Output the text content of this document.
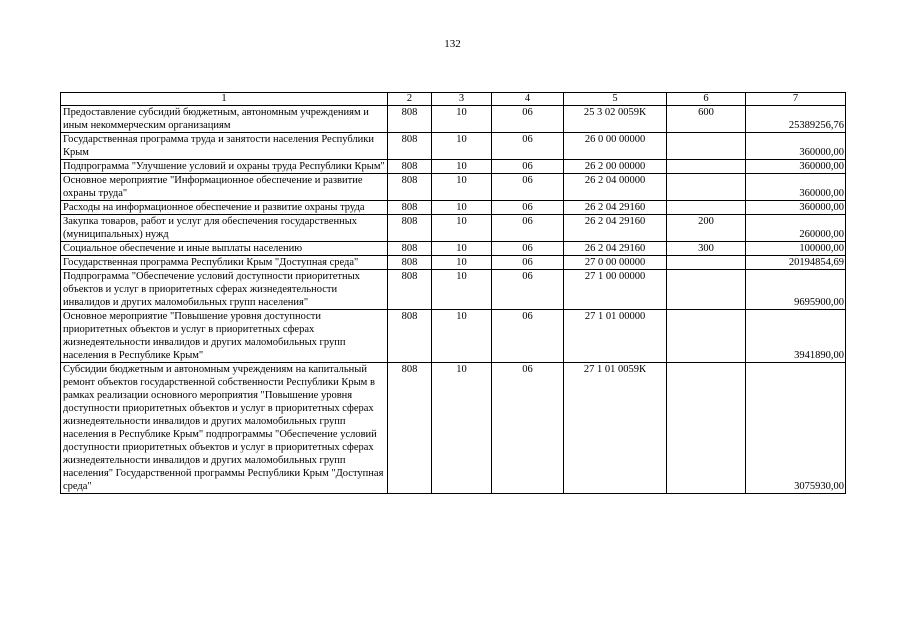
132
1	2	3	4	5	6	7
Предоставление субсидий бюджетным, автономным учреждениям и иным некоммерческим организациям	808	10	06	25 3 02 0059К	600	25389256,76
Государственная программа труда и занятости населения Республики Крым	808	10	06	26 0 00 00000		360000,00
Подпрограмма "Улучшение условий и охраны труда Республики Крым"	808	10	06	26 2 00 00000		360000,00
Основное мероприятие "Информационное обеспечение и развитие охраны труда"	808	10	06	26 2 04 00000		360000,00
Расходы на информационное обеспечение и развитие охраны труда	808	10	06	26 2 04 29160		360000,00
Закупка товаров, работ и услуг для обеспечения государственных (муниципальных) нужд	808	10	06	26 2 04 29160	200	260000,00
Социальное обеспечение и иные выплаты населению	808	10	06	26 2 04 29160	300	100000,00
Государственная программа Республики Крым "Доступная среда"	808	10	06	27 0 00 00000		20194854,69
Подпрограмма "Обеспечение условий доступности приоритетных объектов и услуг в приоритетных сферах жизнедеятельности инвалидов и других маломобильных групп населения"	808	10	06	27 1 00 00000		9695900,00
Основное мероприятие "Повышение уровня доступности приоритетных объектов и услуг в приоритетных сферах жизнедеятельности инвалидов и других маломобильных групп населения в Республике Крым"	808	10	06	27 1 01 00000		3941890,00
Субсидии бюджетным и автономным учреждениям на капитальный ремонт объектов государственной собственности Республики Крым в рамках реализации основного мероприятия "Повышение уровня доступности приоритетных объектов и услуг в приоритетных сферах жизнедеятельности инвалидов и других маломобильных групп населения в Республике Крым" подпрограммы "Обеспечение условий доступности приоритетных объектов и услуг в приоритетных сферах жизнедеятельности инвалидов и других маломобильных групп населения" Государственной программы Республики Крым "Доступная среда"	808	10	06	27 1 01 0059К		3075930,00
